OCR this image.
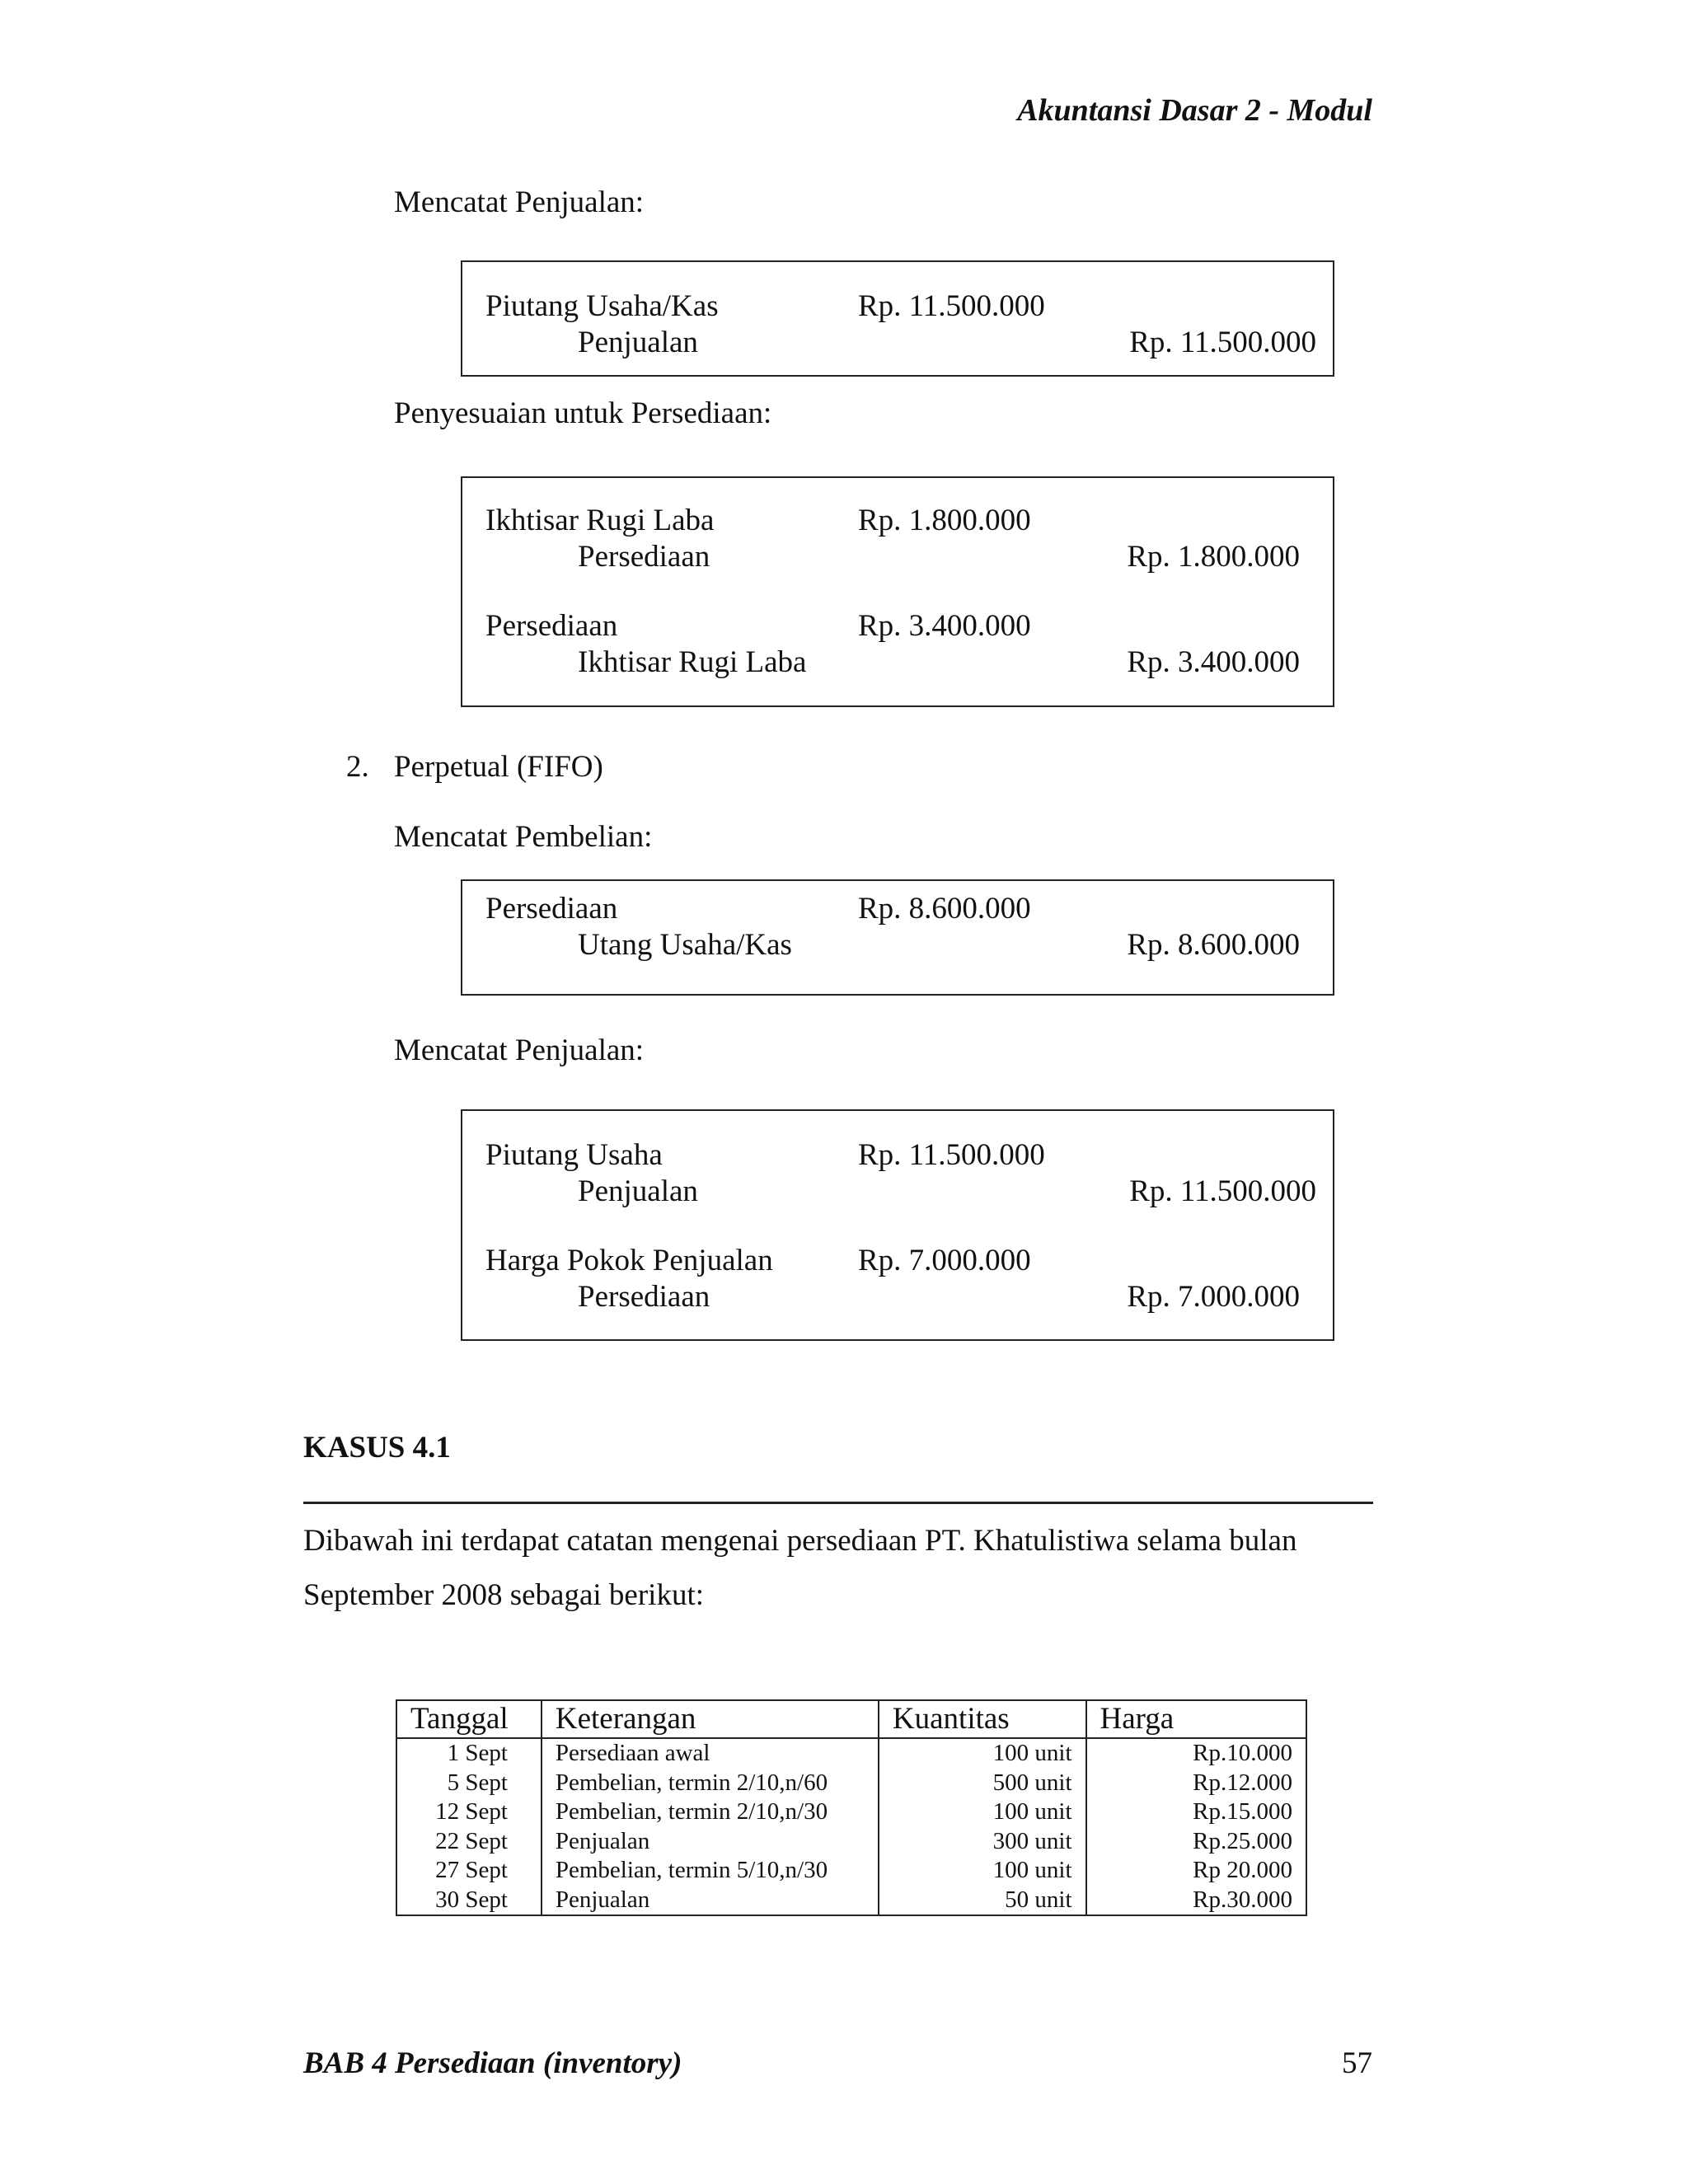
Akuntansi Dasar 2 - Modul
Mencatat Penjualan:
Piutang Usaha/Kas	Rp. 11.500.000
Penjualan	Rp. 11.500.000
Penyesuaian untuk Persediaan:
Ikhtisar Rugi Laba	Rp. 1.800.000
Persediaan	Rp. 1.800.000
Persediaan	Rp. 3.400.000
Ikhtisar Rugi Laba	Rp. 3.400.000
2. Perpetual (FIFO)
Mencatat Pembelian:
Persediaan	Rp. 8.600.000
Utang Usaha/Kas	Rp. 8.600.000
Mencatat Penjualan:
Piutang Usaha	Rp. 11.500.000
Penjualan	Rp. 11.500.000
Harga Pokok Penjualan	Rp. 7.000.000
Persediaan	Rp. 7.000.000
KASUS 4.1
Dibawah ini terdapat catatan mengenai persediaan PT. Khatulistiwa selama bulan
September 2008 sebagai berikut:
Tanggal	Keterangan	Kuantitas	Harga
1 Sept	Persediaan awal	100 unit	Rp.10.000
5 Sept	Pembelian, termin 2/10,n/60	500 unit	Rp.12.000
12 Sept	Pembelian, termin 2/10,n/30	100 unit	Rp.15.000
22 Sept	Penjualan	300 unit	Rp.25.000
27 Sept	Pembelian, termin 5/10,n/30	100 unit	Rp 20.000
30 Sept	Penjualan	50 unit	Rp.30.000
BAB 4 Persediaan (inventory)	57
